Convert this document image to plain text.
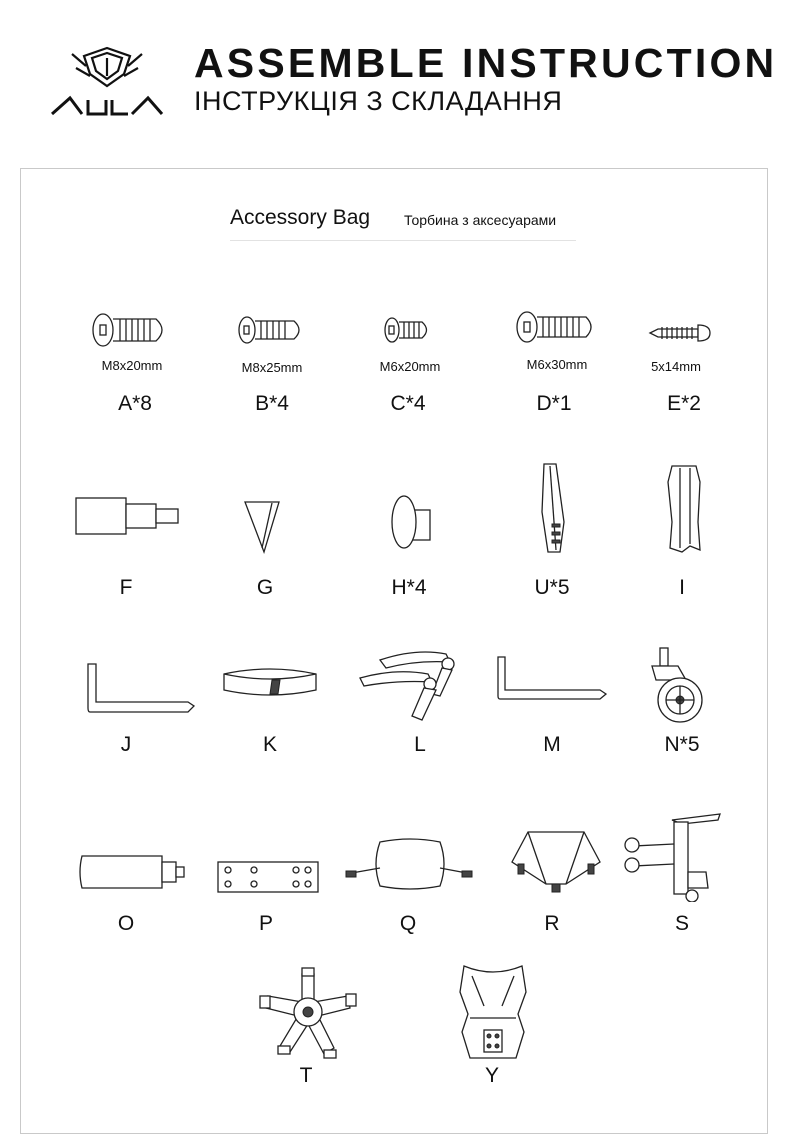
ASSEMBLE INSTRUCTION
ІНСТРУКЦІЯ З СКЛАДАННЯ
Accessory Bag Торбина з аксесуарами
M8x20mm
A*8
M8x25mm
B*4
M6x20mm
C*4
M6x30mm
D*1
5x14mm
E*2
F	G	H*4	U*5	I
J	K	L	M	N*5
O	P	Q	R	S
T	Y
